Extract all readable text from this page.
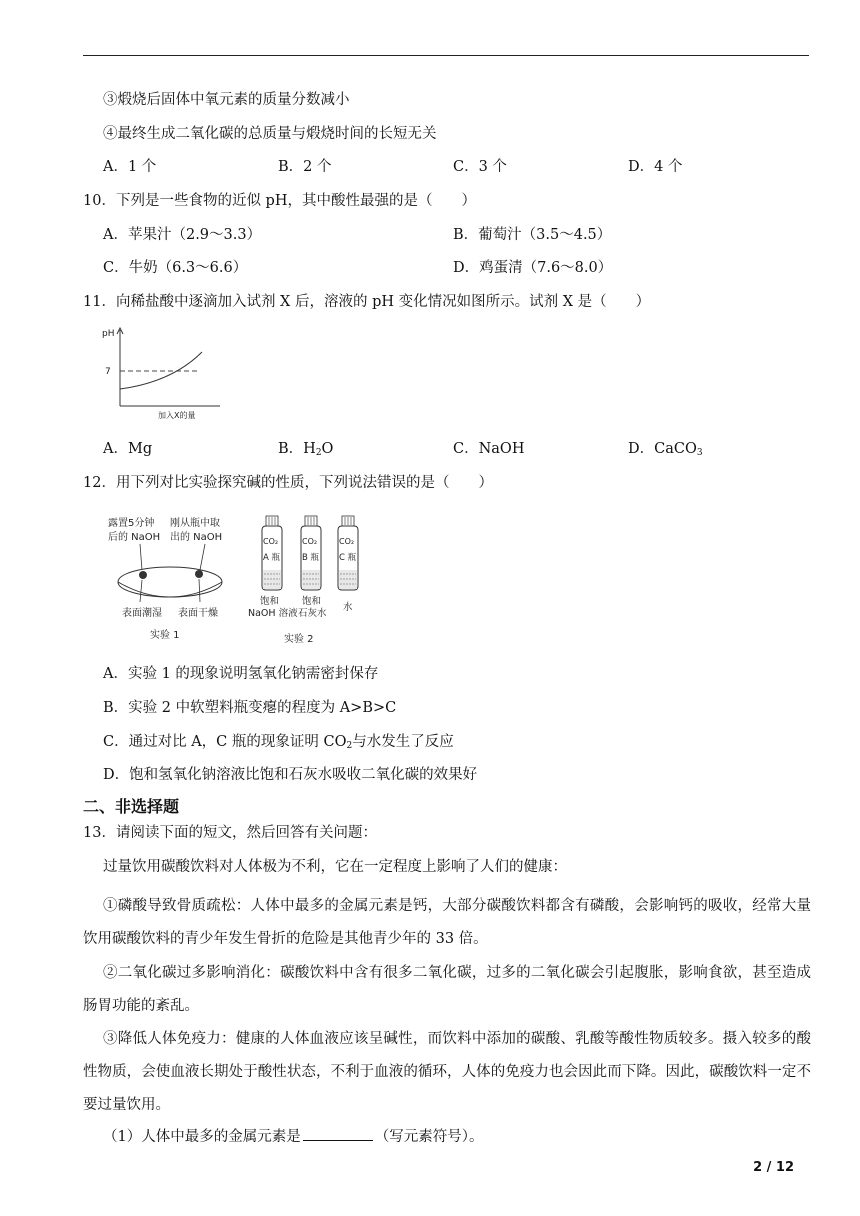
③煅烧后固体中氧元素的质量分数减小
④最终生成二氧化碳的总质量与煅烧时间的长短无关
A．1 个	B．2 个	C．3 个	D．4 个
10．下列是一些食物的近似 pH，其中酸性最强的是（　　）
A．苹果汁（2.9～3.3）	B．葡萄汁（3.5～4.5）
C．牛奶（6.3～6.6）	D．鸡蛋清（7.6～8.0）
11．向稀盐酸中逐滴加入试剂 X 后，溶液的 pH 变化情况如图所示。试剂 X 是（　　）
pH
7
加入X的量
A．Mg	B．$H_2O$	C．NaOH	D．CaCO$_3$
12．用下列对比实验探究碱的性质，下列说法错误的是（　　）
露置5分钟
后的 NaOH
刚从瓶中取
出的 NaOH
表面潮湿 表面干燥
实验 1
CO₂
A 瓶
CO₂
B 瓶
CO₂
C 瓶
饱和
NaOH 溶液
饱和
石灰水
水
实验 2
A．实验 1 的现象说明氢氧化钠需密封保存
B．实验 2 中软塑料瓶变瘪的程度为 A>B>C
C．通过对比 A，C 瓶的现象证明 $CO_2$与水发生了反应
D．饱和氢氧化钠溶液比饱和石灰水吸收二氧化碳的效果好
二、非选择题
13．请阅读下面的短文，然后回答有关问题：
过量饮用碳酸饮料对人体极为不利，它在一定程度上影响了人们的健康：
①磷酸导致骨质疏松：人体中最多的金属元素是钙，大部分碳酸饮料都含有磷酸，会影响钙的吸收，经常大量饮用碳酸饮料的青少年发生骨折的危险是其他青少年的 33 倍。
②二氧化碳过多影响消化：碳酸饮料中含有很多二氧化碳，过多的二氧化碳会引起腹胀，影响食欲，甚至造成肠胃功能的紊乱。
③降低人体免疫力：健康的人体血液应该呈碱性，而饮料中添加的碳酸、乳酸等酸性物质较多。摄入较多的酸性物质，会使血液长期处于酸性状态，不利于血液的循环，人体的免疫力也会因此而下降。因此，碳酸饮料一定不要过量饮用。
（1）人体中最多的金属元素是	（写元素符号）。
2 / 12
